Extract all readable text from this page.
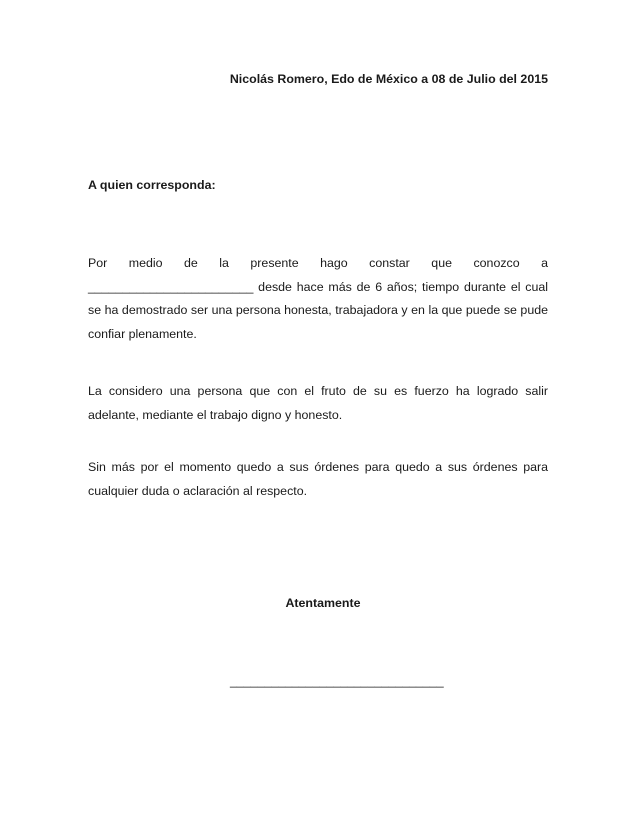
Nicolás Romero, Edo de México a 08 de Julio del 2015
A quien corresponda:

Por medio de la presente hago constar que conozco a ________________________ desde hace más de 6 años; tiempo durante el cual se ha demostrado ser una persona honesta, trabajadora y en la que puede se pude confiar plenamente.

La considero una persona que con el fruto de su es fuerzo ha logrado salir adelante, mediante el trabajo digno y honesto.

Sin más por el momento quedo a sus órdenes para quedo a sus órdenes para cualquier duda o aclaración al respecto.

Atentamente
_______________________________
